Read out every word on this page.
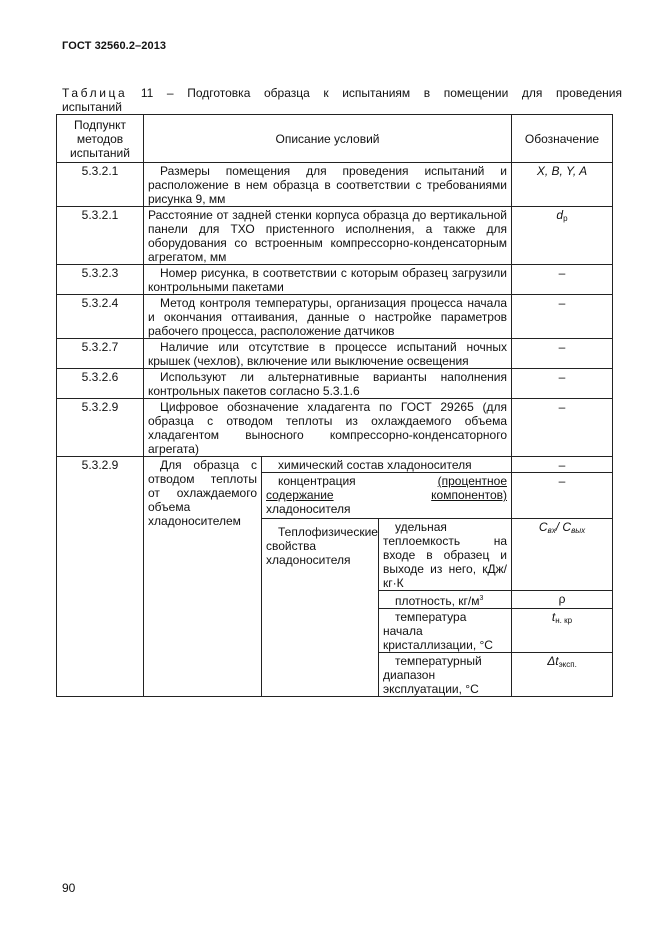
ГОСТ 32560.2–2013
Таблица 11 – Подготовка образца к испытаниям в помещении для проведения
испытаний
Подпункт методов испытаний	Описание условий			Обозначение
5.3.2.1	Размеры помещения для проведения испытаний и расположение в нем образца в соответствии с требованиями рисунка 9, мм			X, B, Y, A
5.3.2.1	Расстояние от задней стенки корпуса образца до вертикальной панели для ТХО пристенного исполнения, а также для оборудования со встроенным компрессорно-конденсаторным агрегатом, мм			$d_p$
5.3.2.3	Номер рисунка, в соответствии с которым образец загрузили контрольными пакетами			–
5.3.2.4	Метод контроля температуры, организация процесса начала и окончания оттаивания, данные о настройке параметров рабочего процесса, расположение датчиков			–
5.3.2.7	Наличие или отсутствие в процессе испытаний ночных крышек (чехлов), включение или выключение освещения			–
5.3.2.6	Используют ли альтернативные варианты наполнения контрольных пакетов согласно 5.3.1.6			–
5.3.2.9	Цифровое обозначение хладагента по ГОСТ 29265 (для образца с отводом теплоты из охлаждаемого объема хладагентом выносного компрессорно-конденсаторного агрегата)			–
5.3.2.9	Для образца с отводом теплоты от охлаждаемого объема хладоносителем	химический состав хладоносителя		–

		концентрация (процентное
содержание компонентов)
хладоносителя		–
		Теплофизические свойства хладоносителя	удельная теплоемкость на входе в образец и выходе из него, кДж/кг·К	$C_{вх}/$ $C_{вых}$
			плотность, $кг/м^3$	ρ
			температура начала кристаллизации, °C	$t_{н. кр}$
			температурный диапазон эксплуатации, °C	$\Delta t_{эксп.}$
90
